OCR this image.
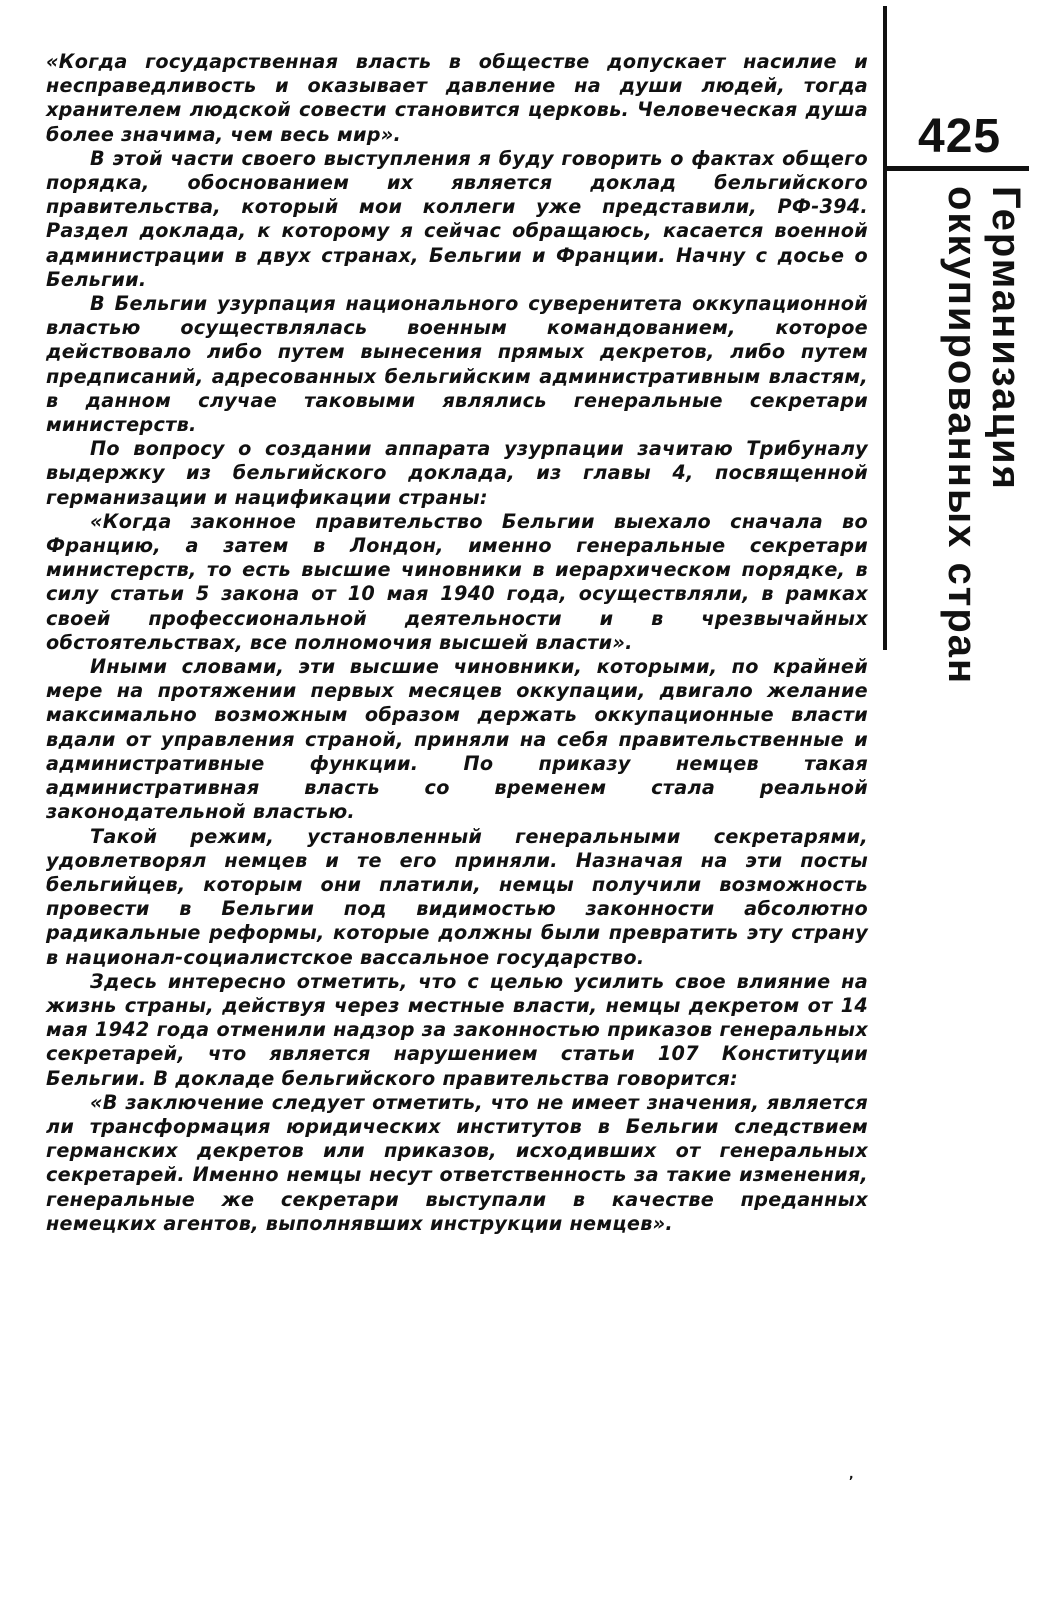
«Когда государственная власть в обществе допускает насилие и несправедливость и оказывает давление на души людей, тогда хранителем людской совести становится церковь. Человеческая душа более значима, чем весь мир».

В этой части своего выступления я буду говорить о фактах общего порядка, обоснованием их является доклад бельгийского правительства, который мои коллеги уже представили, РФ-394. Раздел доклада, к которому я сейчас обращаюсь, касается военной администрации в двух странах, Бельгии и Франции. Начну с досье о Бельгии.

В Бельгии узурпация национального суверенитета оккупационной властью осуществлялась военным командованием, которое действовало либо путем вынесения прямых декретов, либо путем предписаний, адресованных бельгийским административным властям, в данном случае таковыми являлись генеральные секретари министерств.

По вопросу о создании аппарата узурпации зачитаю Трибуналу выдержку из бельгийского доклада, из главы 4, посвященной германизации и нацификации страны:

«Когда законное правительство Бельгии выехало сначала во Францию, а затем в Лондон, именно генеральные секретари министерств, то есть высшие чиновники в иерархическом порядке, в силу статьи 5 закона от 10 мая 1940 года, осуществляли, в рамках своей профессиональной деятельности и в чрезвычайных обстоятельствах, все полномочия высшей власти».

Иными словами, эти высшие чиновники, которыми, по крайней мере на протяжении первых месяцев оккупации, двигало желание максимально возможным образом держать оккупационные власти вдали от управления страной, приняли на себя правительственные и административные функции. По приказу немцев такая административная власть со временем стала реальной законодательной властью.

Такой режим, установленный генеральными секретарями, удовлетворял немцев и те его приняли. Назначая на эти посты бельгийцев, которым они платили, немцы получили возможность провести в Бельгии под видимостью законности абсолютно радикальные реформы, которые должны были превратить эту страну в национал-социалистское вассальное государство.

Здесь интересно отметить, что с целью усилить свое влияние на жизнь страны, действуя через местные власти, немцы декретом от 14 мая 1942 года отменили надзор за законностью приказов генеральных секретарей, что является нарушением статьи 107 Конституции Бельгии. В докладе бельгийского правительства говорится:

«В заключение следует отметить, что не имеет значения, является ли трансформация юридических институтов в Бельгии следствием германских декретов или приказов, исходивших от генеральных секретарей. Именно немцы несут ответственность за такие изменения, генеральные же секретари выступали в качестве преданных немецких агентов, выполнявших инструкции немцев».

425
Германизация
оккупированных стран
,
